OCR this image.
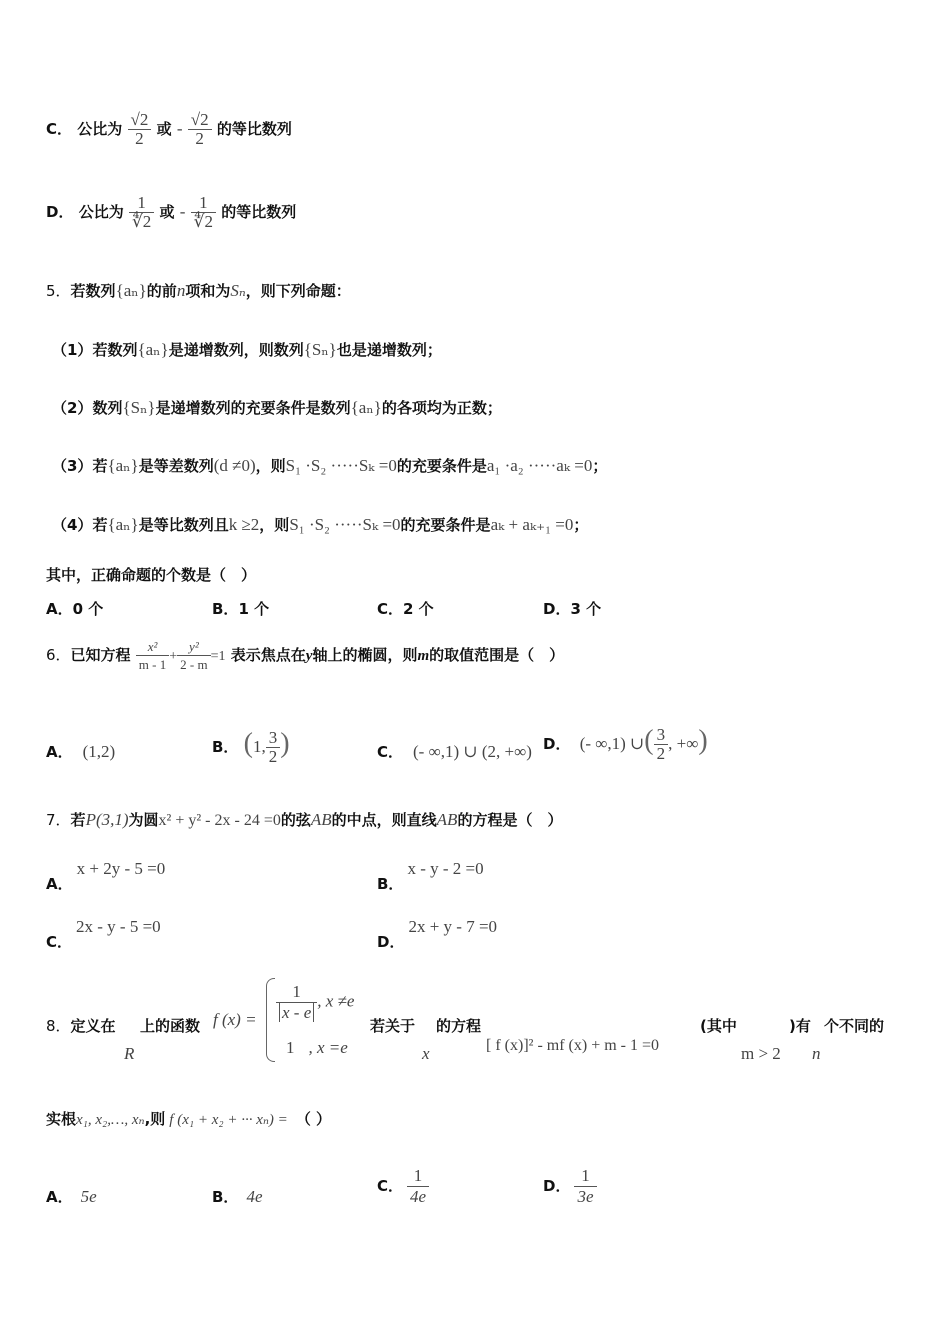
C． 公比为 $\frac{√2}{2}$ 或 - $\frac{√2}{2}$ 的等比数列
D． 公比为 $\frac{1}{∜2}$ 或 - $\frac{1}{∜2}$ 的等比数列
5．若数列{aₙ}的前n项和为Sₙ，则下列命题：
（1）若数列{aₙ}是递增数列，则数列{Sₙ}也是递增数列；
（2）数列{Sₙ}是递增数列的充要条件是数列{aₙ}的各项均为正数；
（3）若{aₙ}是等差数列(d ≠0)，则S₁ ·S₂ ·····Sₖ =0的充要条件是a₁ ·a₂ ·····aₖ =0；
（4）若{aₙ}是等比数列且k ≥2，则S₁ ·S₂ ·····Sₖ =0的充要条件是aₖ + aₖ₊₁ =0；
其中，正确命题的个数是（　）
A．0 个	B．1 个	C．2 个	D．3 个
6．已知方程 $\frac{\text{x²}}{m - 1} + \frac{\text{y²}}{2 - m} =1$ 表示焦点在y轴上的椭圆，则m的取值范围是（　）
A． (1,2)	B． (1, $\frac{3}{2}$ )	C． (- ∞,1) ∪ (2, +∞) D． (- ∞,1) ∪( $\frac{3}{2}$ , +∞)
7．若P(3,1)为圆x² + y² - 2x - 24 =0的弦AB的中点，则直线AB的方程是（　）
A．x + 2y - 5 =0
B．x - y - 2 =0
C．2x - y - 5 =0
D．2x + y - 7 =0
8．定义在
R
上的函数 f $(x) = \frac{1}{x - e}$ , x ≠e
1 , x =e
若关于
x
的方程
[ f (x)]² - mf (x) + m - 1 =0
(其中
m > 2
)有
n
个不同的
实根x₁, x₂,…, xₙ,则 f (x₁ + x₂ + ··· xₙ) = （ ）
A． 5e	B． 4e
C． $\frac{1}{4e}$	D． $\frac{1}{3e}$
